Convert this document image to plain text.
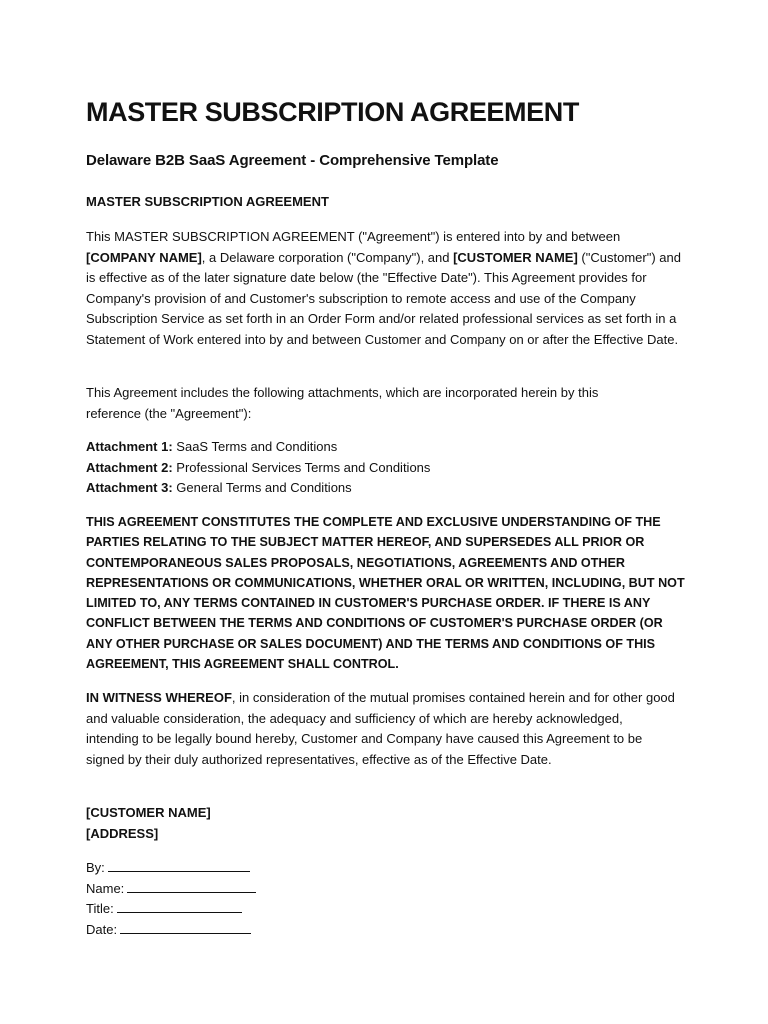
MASTER SUBSCRIPTION AGREEMENT
Delaware B2B SaaS Agreement - Comprehensive Template
MASTER SUBSCRIPTION AGREEMENT

This MASTER SUBSCRIPTION AGREEMENT ("Agreement") is entered into by and between
[COMPANY NAME], a Delaware corporation ("Company"), and [CUSTOMER NAME] ("Customer") and is effective as of the later signature date below (the "Effective Date"). This Agreement provides for Company's provision of and Customer's subscription to remote access and use of the Company Subscription Service as set forth in an Order Form and/or related professional services as set forth in a Statement of Work entered into by and between Customer and Company on or after the Effective Date.

This Agreement includes the following attachments, which are incorporated herein by this reference (the "Agreement"):

Attachment 1: SaaS Terms and Conditions
Attachment 2: Professional Services Terms and Conditions
Attachment 3: General Terms and Conditions

THIS AGREEMENT CONSTITUTES THE COMPLETE AND EXCLUSIVE UNDERSTANDING OF THE PARTIES RELATING TO THE SUBJECT MATTER HEREOF, AND SUPERSEDES ALL PRIOR OR CONTEMPORANEOUS SALES PROPOSALS, NEGOTIATIONS, AGREEMENTS AND OTHER REPRESENTATIONS OR COMMUNICATIONS, WHETHER ORAL OR WRITTEN, INCLUDING, BUT NOT LIMITED TO, ANY TERMS CONTAINED IN CUSTOMER'S PURCHASE ORDER. IF THERE IS ANY CONFLICT BETWEEN THE TERMS AND CONDITIONS OF CUSTOMER'S PURCHASE ORDER (OR ANY OTHER PURCHASE OR SALES DOCUMENT) AND THE TERMS AND CONDITIONS OF THIS AGREEMENT, THIS AGREEMENT SHALL CONTROL.

IN WITNESS WHEREOF, in consideration of the mutual promises contained herein and for other good and valuable consideration, the adequacy and sufficiency of which are hereby acknowledged, intending to be legally bound hereby, Customer and Company have caused this Agreement to be signed by their duly authorized representatives, effective as of the Effective Date.

[CUSTOMER NAME]
[ADDRESS]
By:
Name:
Title:
Date:
